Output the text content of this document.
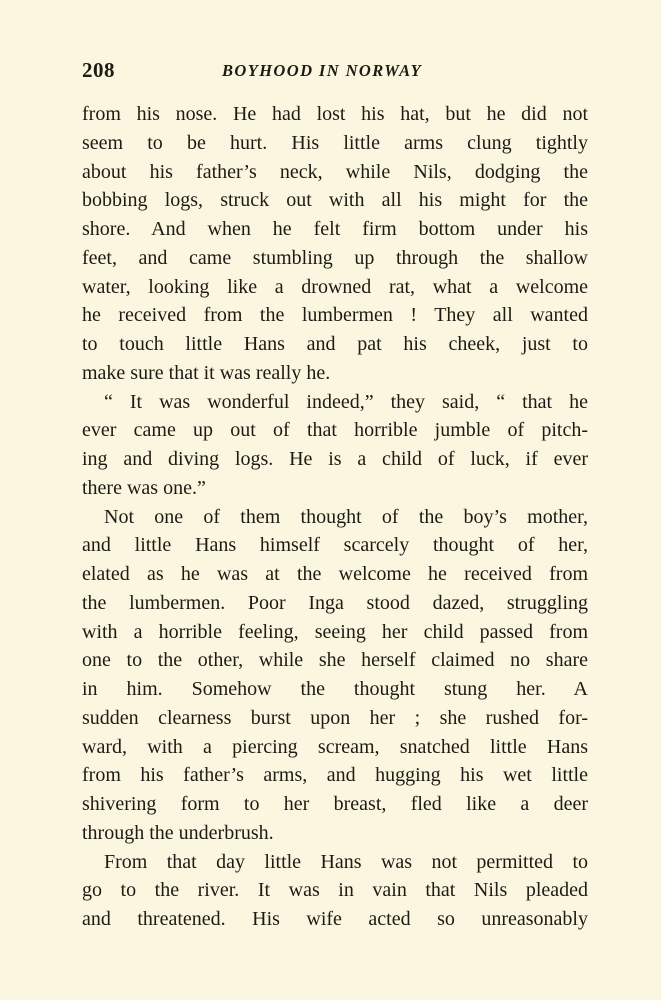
208	BOYHOOD IN NORWAY
from his nose. He had lost his hat, but he did not
seem to be hurt. His little arms clung tightly
about his father’s neck, while Nils, dodging the
bobbing logs, struck out with all his might for the
shore. And when he felt firm bottom under his
feet, and came stumbling up through the shallow
water, looking like a drowned rat, what a welcome
he received from the lumbermen ! They all wanted
to touch little Hans and pat his cheek, just to
make sure that it was really he.
“ It was wonderful indeed,” they said, “ that he
ever came up out of that horrible jumble of pitch-
ing and diving logs. He is a child of luck, if ever
there was one.”
Not one of them thought of the boy’s mother,
and little Hans himself scarcely thought of her,
elated as he was at the welcome he received from
the lumbermen. Poor Inga stood dazed, struggling
with a horrible feeling, seeing her child passed from
one to the other, while she herself claimed no share
in him. Somehow the thought stung her. A
sudden clearness burst upon her ; she rushed for-
ward, with a piercing scream, snatched little Hans
from his father’s arms, and hugging his wet little
shivering form to her breast, fled like a deer
through the underbrush.
From that day little Hans was not permitted to
go to the river. It was in vain that Nils pleaded
and threatened. His wife acted so unreasonably
